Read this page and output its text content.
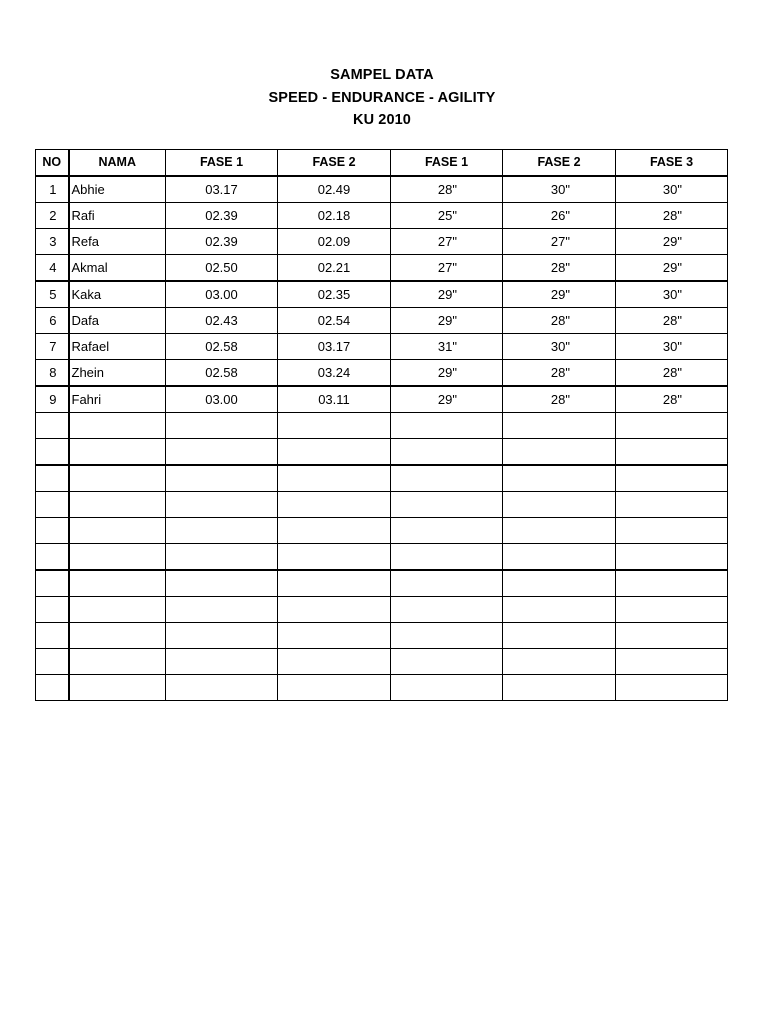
SAMPEL DATA
SPEED - ENDURANCE - AGILITY
KU 2010
NO	NAMA	FASE 1	FASE 2	FASE 1	FASE 2	FASE 3
1	Abhie	03.17	02.49	28"	30"	30"
2	Rafi	02.39	02.18	25"	26"	28"
3	Refa	02.39	02.09	27"	27"	29"
4	Akmal	02.50	02.21	27"	28"	29"
5	Kaka	03.00	02.35	29"	29"	30"
6	Dafa	02.43	02.54	29"	28"	28"
7	Rafael	02.58	03.17	31"	30"	30"
8	Zhein	02.58	03.24	29"	28"	28"
9	Fahri	03.00	03.11	29"	28"	28"
